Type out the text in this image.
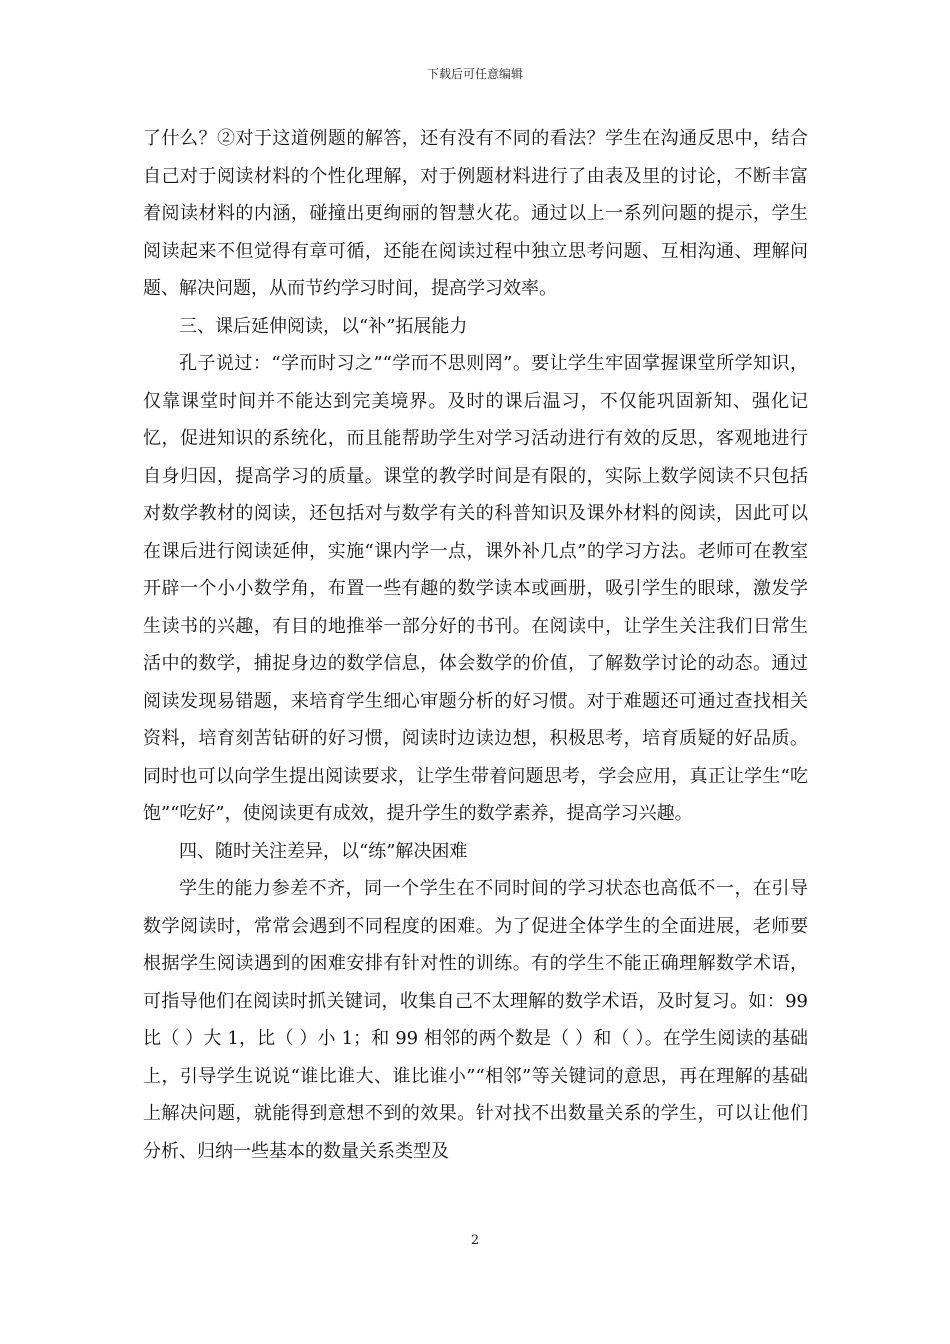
下载后可任意编辑

了什么？②对于这道例题的解答，还有没有不同的看法？学生在沟通反思中，结合自己对于阅读材料的个性化理解，对于例题材料进行了由表及里的讨论，不断丰富着阅读材料的内涵，碰撞出更绚丽的智慧火花。通过以上一系列问题的提示，学生阅读起来不但觉得有章可循，还能在阅读过程中独立思考问题、互相沟通、理解问题、解决问题，从而节约学习时间，提高学习效率。

三、课后延伸阅读，以“补”拓展能力

孔子说过：“学而时习之”“学而不思则罔”。要让学生牢固掌握课堂所学知识，仅靠课堂时间并不能达到完美境界。及时的课后温习，不仅能巩固新知、强化记忆，促进知识的系统化，而且能帮助学生对学习活动进行有效的反思，客观地进行自身归因，提高学习的质量。课堂的教学时间是有限的，实际上数学阅读不只包括对数学教材的阅读，还包括对与数学有关的科普知识及课外材料的阅读，因此可以在课后进行阅读延伸，实施“课内学一点，课外补几点”的学习方法。老师可在教室开辟一个小小数学角，布置一些有趣的数学读本或画册，吸引学生的眼球，激发学生读书的兴趣，有目的地推举一部分好的书刊。在阅读中，让学生关注我们日常生活中的数学，捕捉身边的数学信息，体会数学的价值，了解数学讨论的动态。通过阅读发现易错题，来培育学生细心审题分析的好习惯。对于难题还可通过查找相关资料，培育刻苦钻研的好习惯，阅读时边读边想，积极思考，培育质疑的好品质。同时也可以向学生提出阅读要求，让学生带着问题思考，学会应用，真正让学生“吃饱”“吃好”，使阅读更有成效，提升学生的数学素养，提高学习兴趣。

四、随时关注差异，以“练”解决困难

学生的能力参差不齐，同一个学生在不同时间的学习状态也高低不一，在引导数学阅读时，常常会遇到不同程度的困难。为了促进全体学生的全面进展，老师要根据学生阅读遇到的困难安排有针对性的训练。有的学生不能正确理解数学术语，可指导他们在阅读时抓关键词，收集自己不太理解的数学术语，及时复习。如：99 比（ ）大 1，比（ ）小 1；和 99 相邻的两个数是（ ）和（ ）。在学生阅读的基础上，引导学生说说“谁比谁大、谁比谁小”“相邻”等关键词的意思，再在理解的基础上解决问题，就能得到意想不到的效果。针对找不出数量关系的学生，可以让他们分析、归纳一些基本的数量关系类型及

2
